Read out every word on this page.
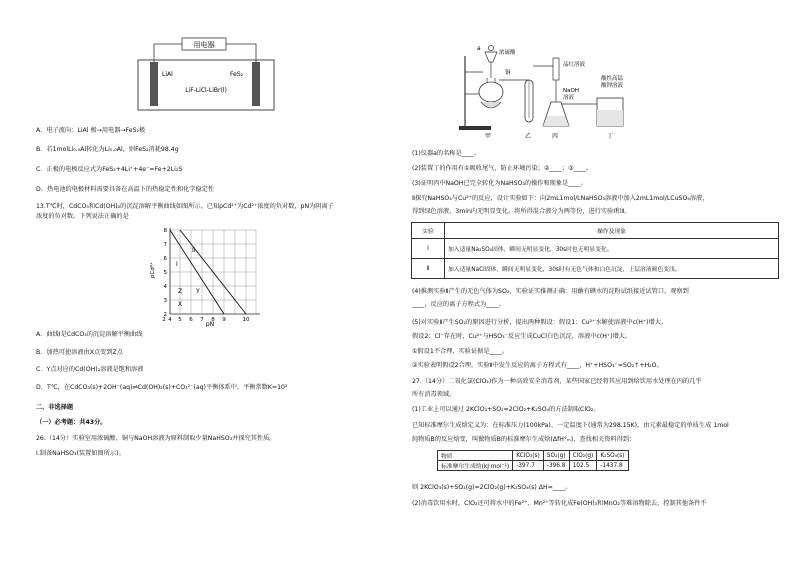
用电器
LiAl	FeS₂
LiF-LiCl-LiBr(l)
A．电子流向：LiAl 极→用电器→FeS₂极
B．若1molLi₀.₀Al转化为Li₀.₀Al，则FeS₂消耗98.4g
C．正极的电极反应式为FeS₂+4Li⁺+4e⁻=Fe+2Li₂S
D．热电池的电极材料需要具备在高温下的热稳定性和化学稳定性
13.T℃时，CdCO₃和Cd(OH)₂的沉淀溶解平衡曲线如图所示。已知pCd²⁺为Cd²⁺浓度的负对数，pN为阴离子
浓度的负对数。下列说法正确的是
pCd²⁺
pN
I
II
X
Y
Z
8
7
6
5
4
3
2
2 4 5 6 7 8 9	10
A．曲线I是CdCO₃的沉淀溶解平衡曲线
B．加热可使溶液由X点变到Z点
C．Y点对应的Cd(OH)₂溶液是饱和溶液
D．T℃，在CdCO₃(s)+2OH⁻(aq)⇌Cd(OH)₂(s)+CO₃²⁻(aq)平衡体系中，平衡常数K=10²
二、非选择题
（一）必考题：共43分。
26.（14分）实验室用浓硫酸、铜与NaOH溶液为原料制取少量NaHSO₃并探究其性质。
Ⅰ.制备NaHSO₃(装置如图所示)。
a
浓硫酸
铜
品红溶液
NaOH
溶液
酸性高锰
酸钾溶液
甲	乙	丙	丁
(1)仪器a的名称是____。
(2)装置丁的作用有①吸收尾气，防止环境污染；②____；③____。
(3)证明丙中NaOH已完全转化为NaHSO₃的操作和现象是____。
Ⅱ探究NaHSO₃与Cu²⁺的反应，设计实验如下：向2mL1mol/LNaHSO₃溶液中加入2mL1mol/LCuSO₄溶液，
得到绿色溶液，3min内无明显变化。将所得混合液分为两等份，进行实验Ⅰ和Ⅱ。
实验	操作及现象
Ⅰ	加入适量Na₂SO₄固体，瞬间无明显变化，30s时也无明显变化。
Ⅱ	加入适量NaCl固体，瞬间无明显变化，30s时有无色气体和白色沉淀，上层溶液颜色变浅。
(4)推测实验Ⅱ产生的无色气体为SO₂，实验证实推测正确：用蘸有碘水的淀粉试纸接近试管口，观察到
____，反应的离子方程式为____。
(5)对实验Ⅱ产生SO₂的原因进行分析，提出两种假设：假设1：Cu²⁺水解使溶液中c(H⁺)增大。
假设2：Cl⁻存在时，Cu²⁺与HSO₃⁻反应生成CuCl白色沉淀，溶液中c(H⁺)增大。
①假设1不合理，实验证据是____。
②实验表明假设2合理，实验Ⅱ中发生反应的离子方程式有____，H⁺+HSO₃⁻=SO₂↑+H₂O。
27.（14分）二氧化氯(ClO₂)作为一种高效安全消毒剂，某些国家已经将其应用到给饮用水处理在内的几乎
所有消毒领域。
(1)工业上可以通过 2KClO₃+SO₂=2ClO₂+K₂SO₄的方法制取ClO₂。
已知标准摩尔生成焓定义为：在标准压力(100kPa)、一定温度下(通常为298.15K)，由元素最稳定的单质生成 1mol
纯物质B的反应焓变，叫做物质B的标准摩尔生成焓(ΔfH°ₘ)，查找相关资料得到：
物质	KClO₃(s)	SO₂(g)	ClO₂(g)	K₂SO₄(s)
标准摩尔生成焓(kJ·mol⁻¹)	-397.7	-396.8	102.5	-1437.8
则 2KClO₃(s)+SO₂(g)=2ClO₂(g)+K₂SO₄(s) ΔH=____。
(2)消毒饮用水时，ClO₂还可将水中的Fe²⁺、Mn²⁺等转化成Fe(OH)₃和MnO₂等难溶物除去，控制其他条件不
